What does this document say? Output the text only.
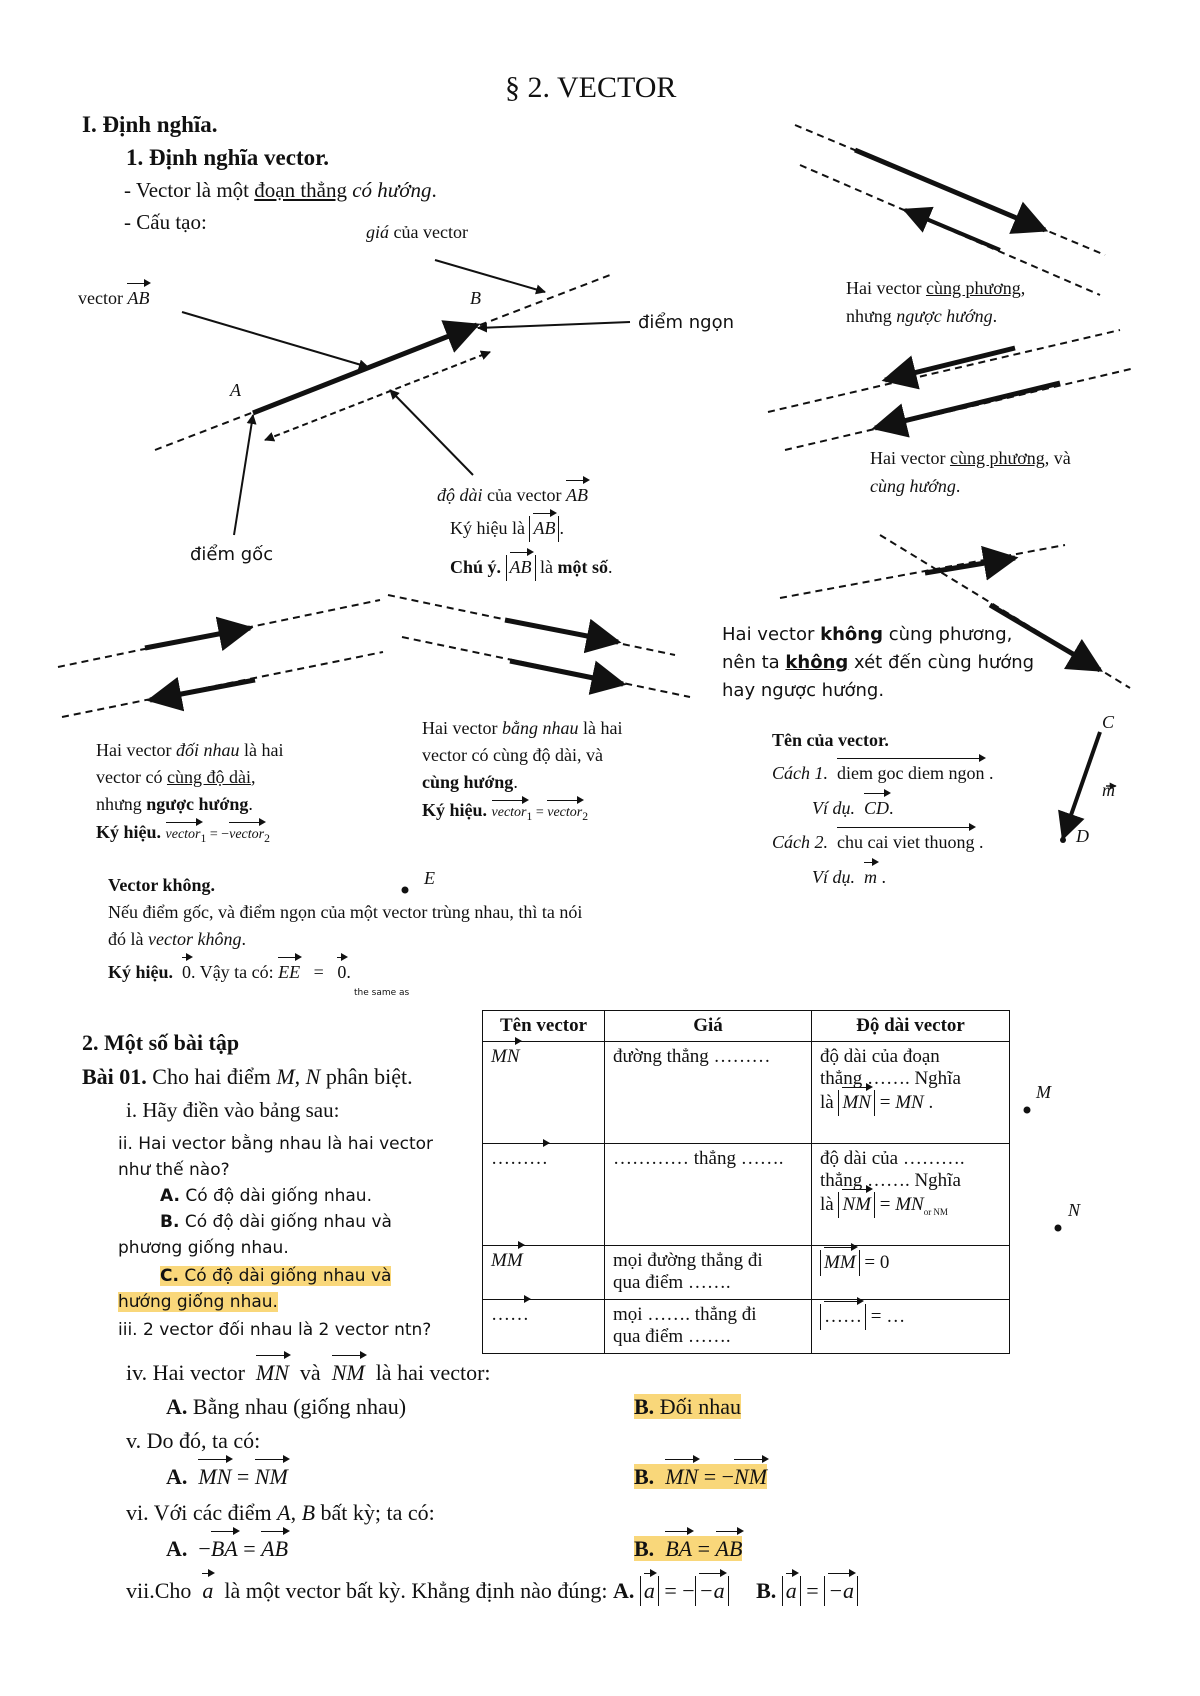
§ 2. VECTOR
I. Định nghĩa.
1. Định nghĩa vector.
- Vector là một đoạn thẳng có hướng.
- Cấu tạo:	giá của vector
vector AB	B
A
điểm ngọn
điểm gốc
độ dài của vector AB
Ký hiệu là AB .
Chú ý. AB là một số.
Hai vector cùng phương,
nhưng ngược hướng.
Hai vector cùng phương, và
cùng hướng.
Hai vector không cùng phương,
nên ta không xét đến cùng hướng
hay ngược hướng.
Hai vector đối nhau là hai
vector có cùng độ dài,
nhưng ngược hướng.
Ký hiệu. vector$_1$ = −vector$_2$
Hai vector bằng nhau là hai
vector có cùng độ dài, và
cùng hướng.
Ký hiệu. vector$_1$ = vector$_2$
Tên của vector.
Cách 1. diem goc diem ngon .
Ví dụ. CD.
Cách 2. chu cai viet thuong .
Ví dụ. m .
C
D
m
Vector không.	E
Nếu điểm gốc, và điểm ngọn của một vector trùng nhau, thì ta nói
đó là vector không.
Ký hiệu. 0. Vậy ta có: EE = 0.
the same as
2. Một số bài tập
Bài 01. Cho hai điểm M, N phân biệt.
i. Hãy điền vào bảng sau:
ii. Hai vector bằng nhau là hai vector
như thế nào?
A. Có độ dài giống nhau.
B. Có độ dài giống nhau và
phương giống nhau.
C. Có độ dài giống nhau và
hướng giống nhau.
iii. 2 vector đối nhau là 2 vector ntn?
Tên vector	Giá	Độ dài vector
MN	đường thẳng ………	độ dài của đoạn
thẳng ……. Nghĩa
là MN = MN .

………	………… thẳng …….	độ dài của ……….
thẳng ……. Nghĩa
là NM = $MN_{or NM}$

MM	mọi đường thẳng đi
qua điểm …….	MM = 0
……	mọi ……. thẳng đi
qua điểm …….	…… = …
M
N
iv. Hai vector  MN  và  NM  là hai vector:
A. Bằng nhau (giống nhau)	B. Đối nhau
v. Do đó, ta có:
A. MN = NM	B. MN = −NM
vi. Với các điểm A, B bất kỳ; ta có:
A. −BA = AB	B. BA = AB
vii.Cho  a  là một vector bất kỳ. Khẳng định nào đúng: A. a = − −a B. a = −a
